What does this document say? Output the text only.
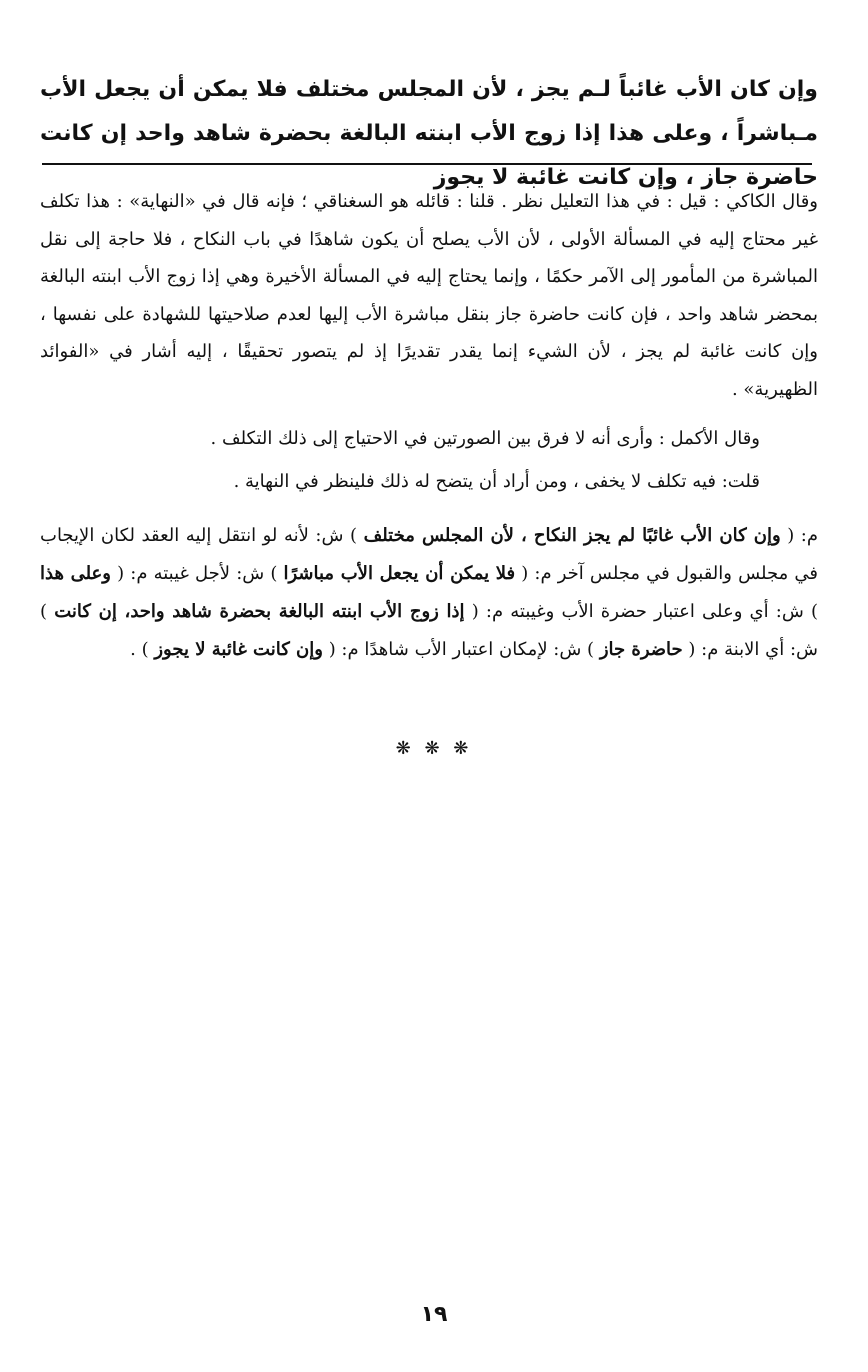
وإن كان الأب غائباً لـم يجز ، لأن المجلس مختلف فلا يمكن أن يجعل الأب مـباشراً ، وعلى هذا إذا زوج الأب ابنته البالغة بحضرة شاهد واحد إن كانت حاضرة جاز ، وإن كانت غائبة لا يجوز

وقال الكاكي : قيل : في هذا التعليل نظر . قلنا : قائله هو السغناقي ؛ فإنه قال في «النهاية» : هذا تكلف غير محتاج إليه في المسألة الأولى ، لأن الأب يصلح أن يكون شاهدًا في باب النكاح ، فلا حاجة إلى نقل المباشرة من المأمور إلى الآمر حكمًا ، وإنما يحتاج إليه في المسألة الأخيرة وهي إذا زوج الأب ابنته البالغة بمحضر شاهد واحد ، فإن كانت حاضرة جاز بنقل مباشرة الأب إليها لعدم صلاحيتها للشهادة على نفسها ، وإن كانت غائبة لم يجز ، لأن الشيء إنما يقدر تقديرًا إذ لم يتصور تحقيقًا ، إليه أشار في «الفوائد الظهيرية» .

وقال الأكمل : وأرى أنه لا فرق بين الصورتين في الاحتياج إلى ذلك التكلف .

قلت: فيه تكلف لا يخفى ، ومن أراد أن يتضح له ذلك فلينظر في النهاية .

م: ( وإن كان الأب غائبًا لم يجز النكاح ، لأن المجلس مختلف ) ش: لأنه لو انتقل إليه العقد لكان الإيجاب في مجلس والقبول في مجلس آخر م: ( فلا يمكن أن يجعل الأب مباشرًا ) ش: لأجل غيبته م: ( وعلى هذا ) ش: أي وعلى اعتبار حضرة الأب وغيبته م: ( إذا زوج الأب ابنته البالغة بحضرة شاهد واحد، إن كانت ) ش: أي الابنة م: ( حاضرة جاز ) ش: لإمكان اعتبار الأب شاهدًا م: ( وإن كانت غائبة لا يجوز ) .

❋ ❋ ❋
١٩
